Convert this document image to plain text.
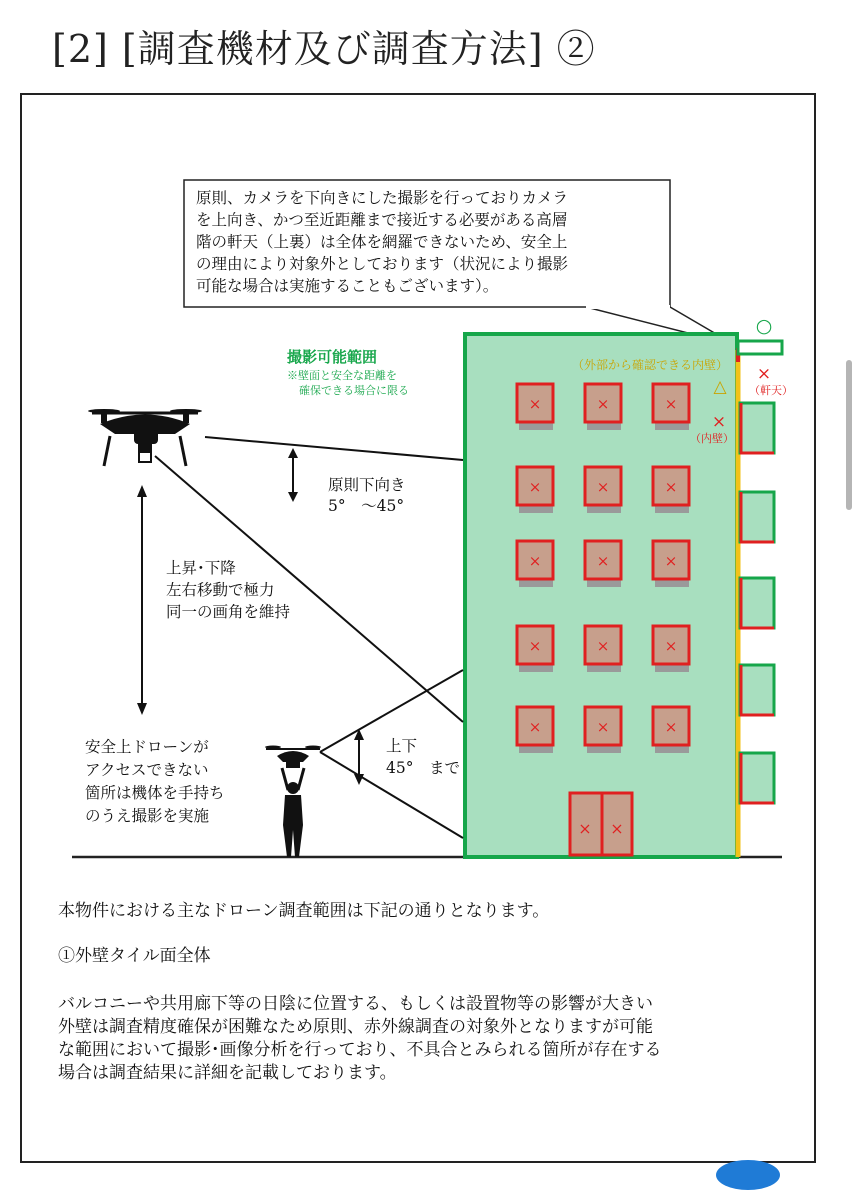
[2] [調査機材及び調査方法] ②
原則、カメラを下向きにした撮影を行っておりカメラ
を上向き、かつ至近距離まで接近する必要がある高層
階の軒天（上裏）は全体を網羅できないため、安全上
の理由により対象外としております（状況により撮影
可能な場合は実施することもございます）。
×	×	×
×	×	×
×	×	×
×	×	×
×	×	×
× ×
撮影可能範囲
※壁面と安全な距離を
確保できる場合に限る
（外部から確認できる内壁）
○
△
×
（軒天）
×
（内壁）
原則下向き
5°　～45°
上昇･下降
左右移動で極力
同一の画角を維持
上下
45°　まで
安全上ドローンが
アクセスできない
箇所は機体を手持ち
のうえ撮影を実施
本物件における主なドローン調査範囲は下記の通りとなります。
①外壁タイル面全体
バルコニーや共用廊下等の日陰に位置する、もしくは設置物等の影響が大きい
外壁は調査精度確保が困難なため原則、赤外線調査の対象外となりますが可能
な範囲において撮影･画像分析を行っており、不具合とみられる箇所が存在する
場合は調査結果に詳細を記載しております。
